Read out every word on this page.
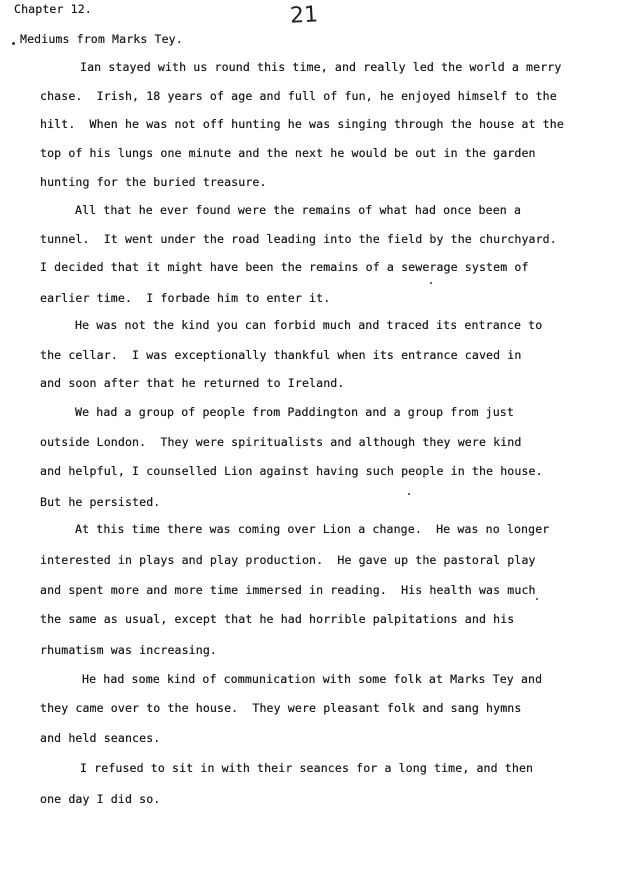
21
Chapter 12.
Mediums from Marks Tey.
Ian stayed with us round this time, and really led the world a merry
chase.  Irish, 18 years of age and full of fun, he enjoyed himself to the
hilt.  When he was not off hunting he was singing through the house at the
top of his lungs one minute and the next he would be out in the garden
hunting for the buried treasure.
All that he ever found were the remains of what had once been a
tunnel.  It went under the road leading into the field by the churchyard.
I decided that it might have been the remains of a sewerage system of
earlier time.  I forbade him to enter it.
He was not the kind you can forbid much and traced its entrance to
the cellar.  I was exceptionally thankful when its entrance caved in
and soon after that he returned to Ireland.
We had a group of people from Paddington and a group from just
outside London.  They were spiritualists and although they were kind
and helpful, I counselled Lion against having such people in the house.
But he persisted.
At this time there was coming over Lion a change.  He was no longer
interested in plays and play production.  He gave up the pastoral play
and spent more and more time immersed in reading.  His health was much
the same as usual, except that he had horrible palpitations and his
rhumatism was increasing.
He had some kind of communication with some folk at Marks Tey and
they came over to the house.  They were pleasant folk and sang hymns
and held seances.
I refused to sit in with their seances for a long time, and then
one day I did so.
